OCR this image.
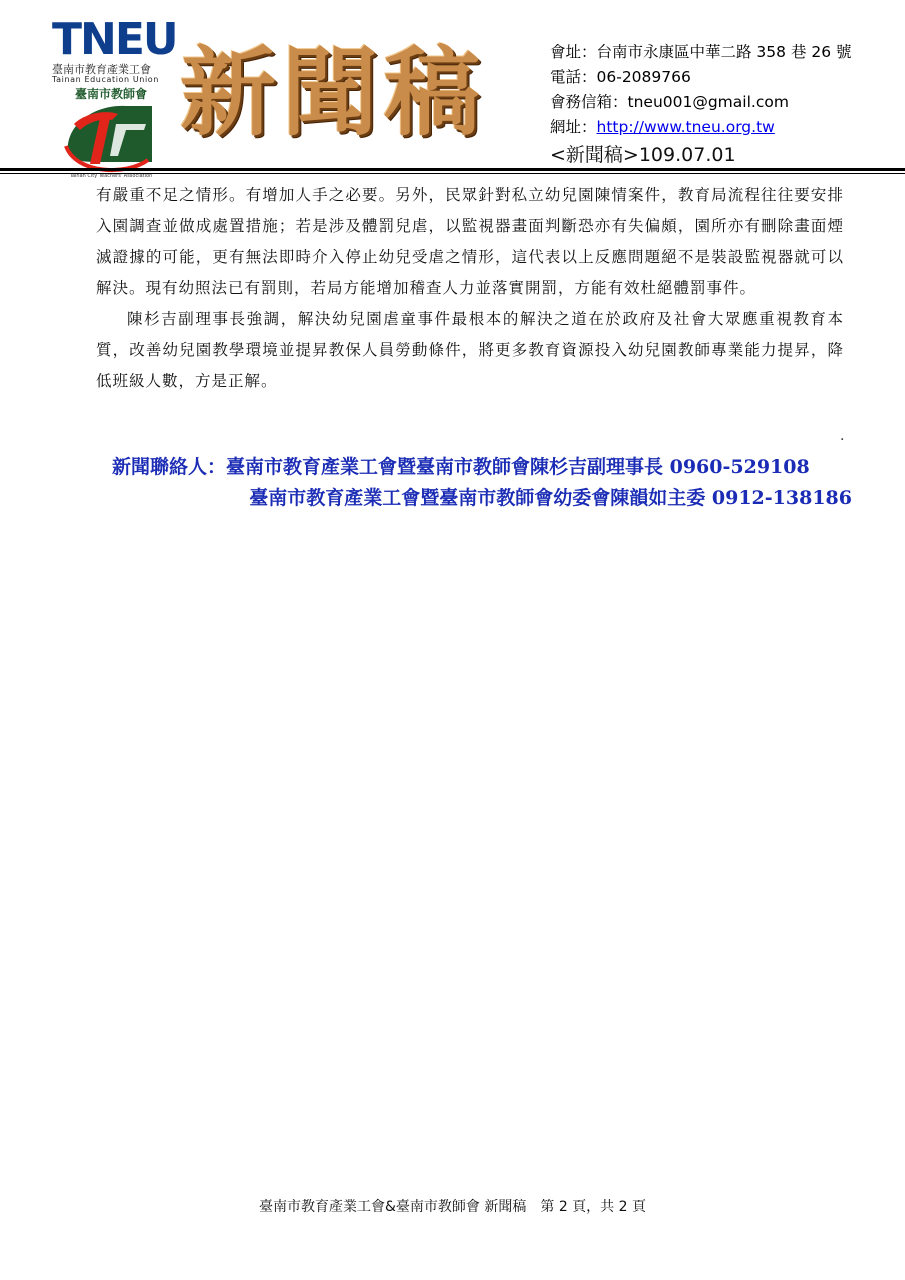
TNEU
臺南市教育產業工會
Tainan Education Union
臺南市教師會
Tainan City Teachers' Association
新聞稿	會址：台南市永康區中華二路 358 巷 26 號
電話：06-2089766
會務信箱：tneu001@gmail.com
網址：http://www.tneu.org.tw
<新聞稿>109.07.01

有嚴重不足之情形。有增加人手之必要。另外，民眾針對私立幼兒園陳情案件，教育局流程往往要安排入園調查並做成處置措施；若是涉及體罰兒虐，以監視器畫面判斷恐亦有失偏頗，園所亦有刪除畫面煙滅證據的可能，更有無法即時介入停止幼兒受虐之情形，這代表以上反應問題絕不是裝設監視器就可以解決。現有幼照法已有罰則，若局方能增加稽查人力並落實開罰，方能有效杜絕體罰事件。

陳杉吉副理事長強調，解決幼兒園虐童事件最根本的解決之道在於政府及社會大眾應重視教育本質，改善幼兒園教學環境並提昇教保人員勞動條件，將更多教育資源投入幼兒園教師專業能力提昇，降低班級人數，方是正解。

.
新聞聯絡人：臺南市教育產業工會暨臺南市教師會陳杉吉副理事長 0960-529108
臺南市教育產業工會暨臺南市教師會幼委會陳韻如主委 0912-138186
臺南市教育產業工會&臺南市教師會 新聞稿　第 2 頁，共 2 頁
